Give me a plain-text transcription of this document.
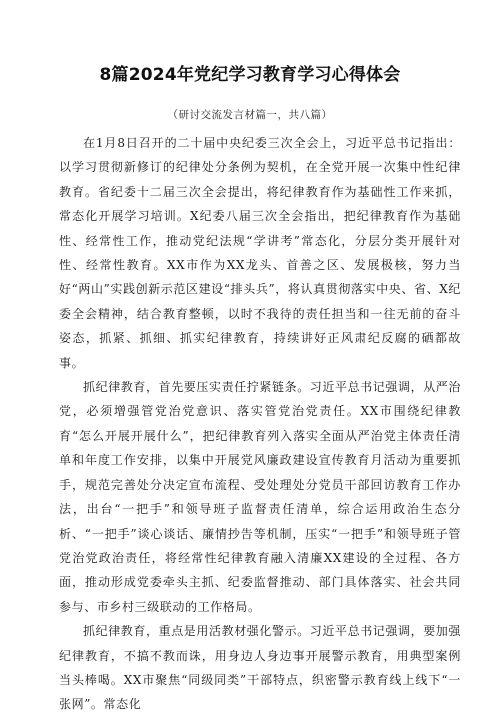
8篇2024年党纪学习教育学习心得体会

（研讨交流发言材篇一，共八篇）

在1月8日召开的二十届中央纪委三次全会上，习近平总书记指出：以学习贯彻新修订的纪律处分条例为契机，在全党开展一次集中性纪律教育。省纪委十二届三次全会提出，将纪律教育作为基础性工作来抓，常态化开展学习培训。X纪委八届三次全会指出，把纪律教育作为基础性、经常性工作，推动党纪法规“学讲考”常态化，分层分类开展针对性、经常性教育。XX市作为XX龙头、首善之区、发展极核，努力当好“两山”实践创新示范区建设“排头兵”，将认真贯彻落实中央、省、X纪委全会精神，结合教育整顿，以时不我待的责任担当和一往无前的奋斗姿态，抓紧、抓细、抓实纪律教育，持续讲好正风肃纪反腐的硒都故事。

抓纪律教育，首先要压实责任拧紧链条。习近平总书记强调，从严治党，必须增强管党治党意识、落实管党治党责任。XX市围绕纪律教育“怎么开展开展什么”，把纪律教育列入落实全面从严治党主体责任清单和年度工作安排，以集中开展党风廉政建设宣传教育月活动为重要抓手，规范完善处分决定宣布流程、受处理处分党员干部回访教育工作办法，出台“一把手”和领导班子监督责任清单，综合运用政治生态分析、“一把手”谈心谈话、廉情抄告等机制，压实“一把手”和领导班子管党治党政治责任，将经常性纪律教育融入清廉XX建设的全过程、各方面，推动形成党委牵头主抓、纪委监督推动、部门具体落实、社会共同参与、市乡村三级联动的工作格局。

抓纪律教育，重点是用活教材强化警示。习近平总书记强调，要加强纪律教育，不搞不教而诛，用身边人身边事开展警示教育，用典型案例当头棒喝。XX市聚焦“同级同类”干部特点，织密警示教育线上线下“一张网”。常态化
